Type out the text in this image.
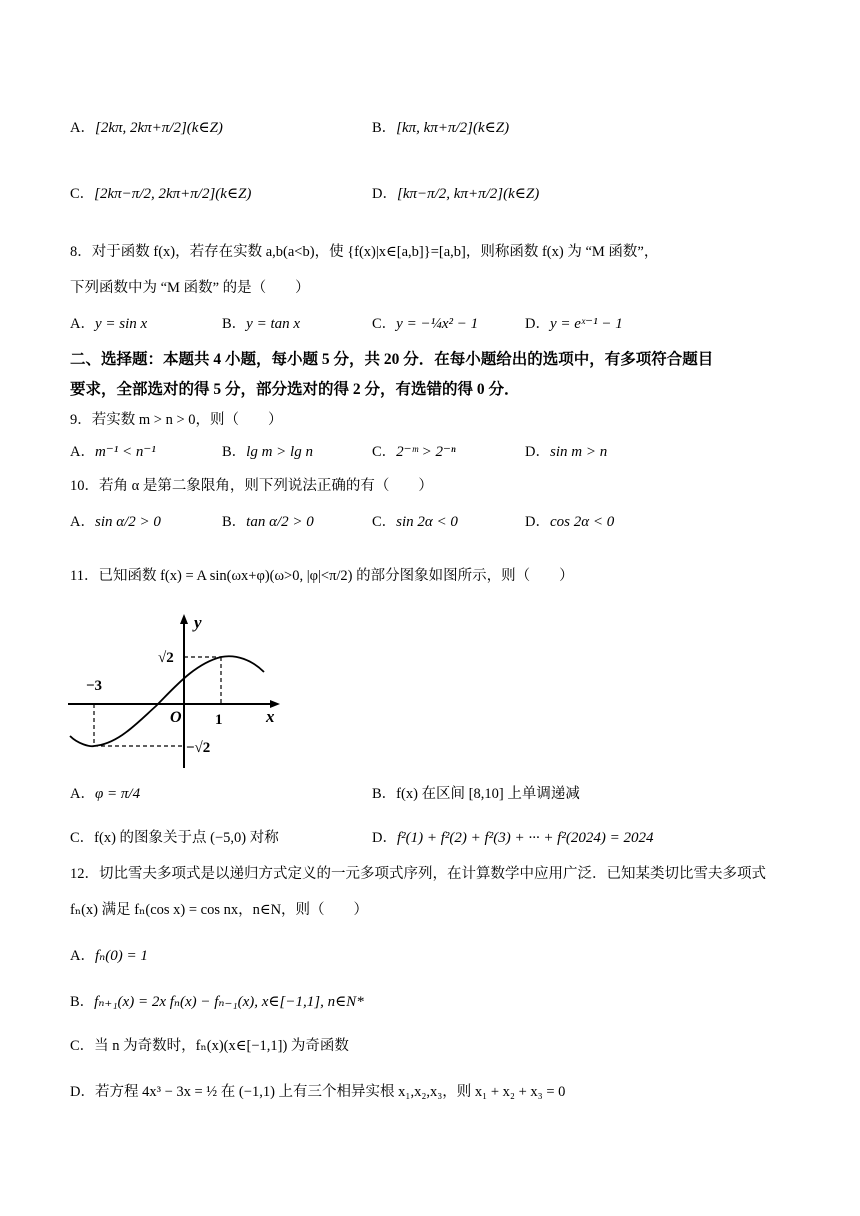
A．[2kπ, 2kπ+π/2](k∈Z)	B．[kπ, kπ+π/2](k∈Z)
C．[2kπ−π/2, 2kπ+π/2](k∈Z)	D．[kπ−π/2, kπ+π/2](k∈Z)
8．对于函数 f(x)，若存在实数 a,b(a<b)，使 {f(x)|x∈[a,b]}=[a,b]，则称函数 f(x) 为 “M 函数”，
下列函数中为 “M 函数” 的是（　　）
A．y = sin x	B．y = tan x	C．y = −¼x² − 1	D．y = eˣ⁻¹ − 1
二、选择题：本题共 4 小题，每小题 5 分，共 20 分．在每小题给出的选项中，有多项符合题目
要求，全部选对的得 5 分，部分选对的得 2 分，有选错的得 0 分．
9．若实数 m > n > 0，则（　　）
A．m⁻¹ < n⁻¹	B．lg m > lg n	C．2⁻ᵐ > 2⁻ⁿ	D．sin m > n
10．若角 α 是第二象限角，则下列说法正确的有（　　）
A．sin α/2 > 0	B．tan α/2 > 0	C．sin 2α < 0	D．cos 2α < 0
11．已知函数 f(x) = A sin(ωx+φ)(ω>0, |φ|<π/2) 的部分图象如图所示，则（　　）
y
x
O
√2
−√2
−3
1
A．φ = π/4	B．f(x) 在区间 [8,10] 上单调递减
C．f(x) 的图象关于点 (−5,0) 对称	D．f²(1) + f²(2) + f²(3) + ··· + f²(2024) = 2024
12．切比雪夫多项式是以递归方式定义的一元多项式序列，在计算数学中应用广泛．已知某类切比雪夫多项式
fₙ(x) 满足 fₙ(cos x) = cos nx，n∈N，则（　　）
A．fₙ(0) = 1
B．fₙ₊₁(x) = 2x fₙ(x) − fₙ₋₁(x), x∈[−1,1], n∈N*
C．当 n 为奇数时，fₙ(x)(x∈[−1,1]) 为奇函数
D．若方程 4x³ − 3x = ½ 在 (−1,1) 上有三个相异实根 x₁,x₂,x₃，则 x₁ + x₂ + x₃ = 0
